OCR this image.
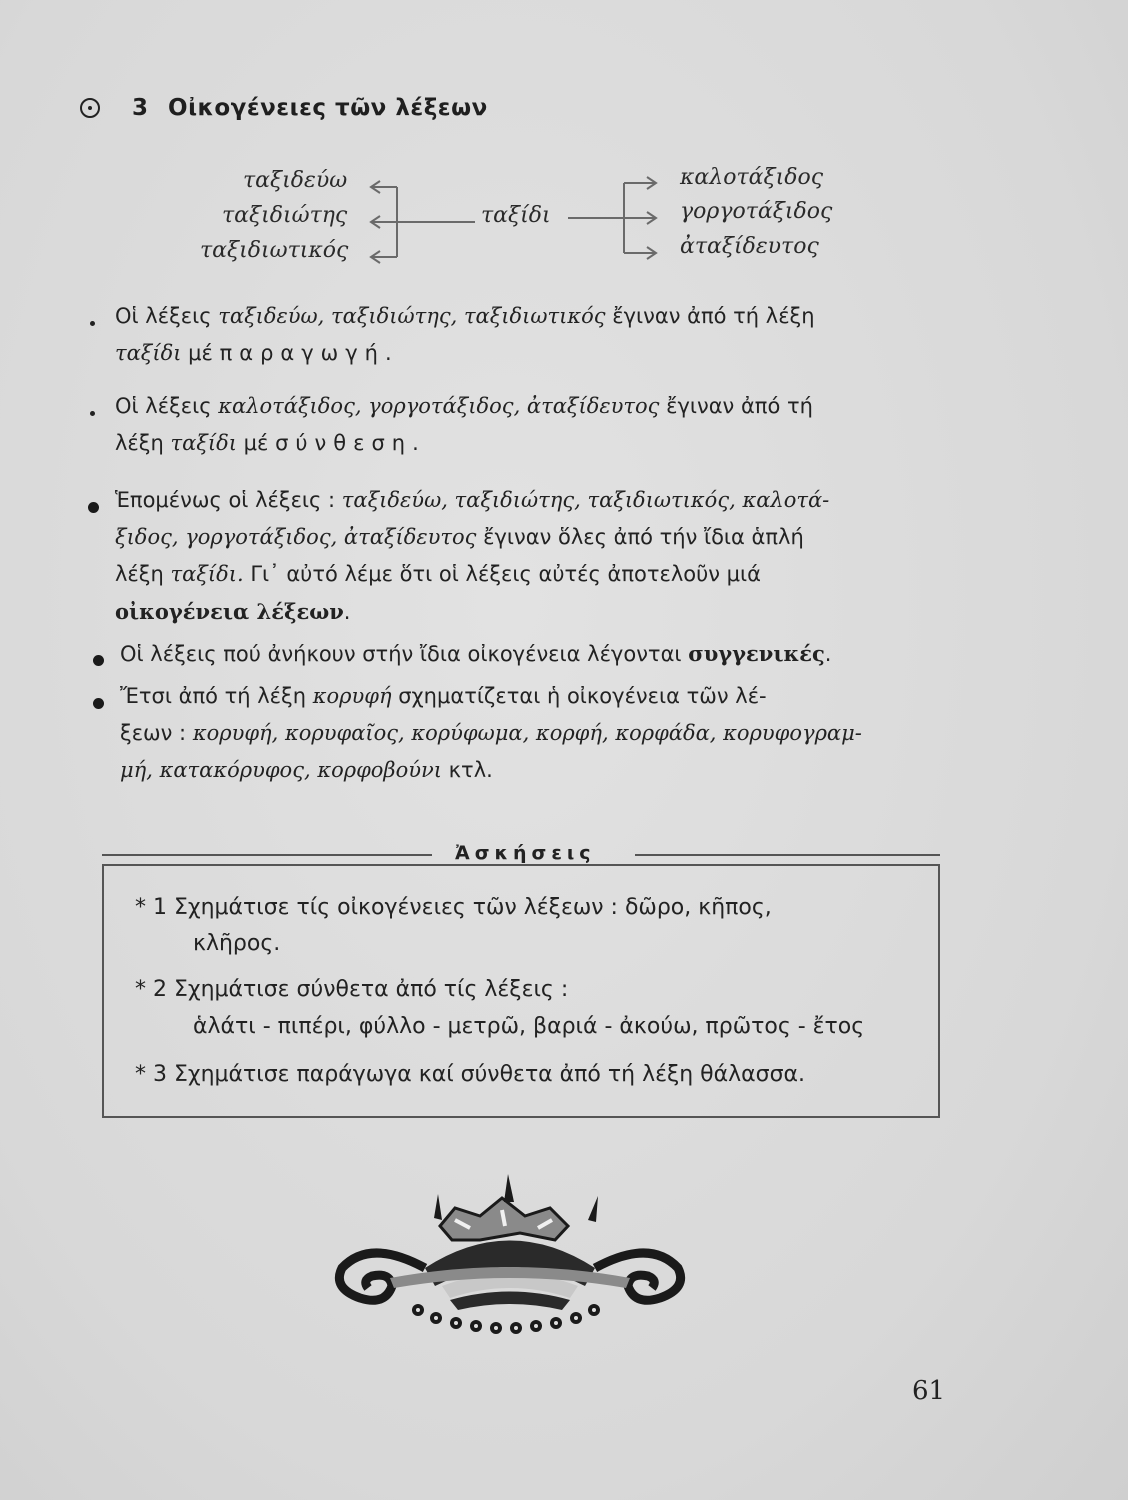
3 Οἰκογένειες τῶν λέξεων
ταξιδεύω
ταξιδιώτης
ταξιδιωτικός
ταξίδι
καλοτάξιδος
γοργοτάξιδος
ἀταξίδευτος
Οἱ λέξεις ταξιδεύω, ταξιδιώτης, ταξιδιωτικός ἔγιναν ἀπό τή λέξη
ταξίδι μέ παραγωγή.
Οἱ λέξεις καλοτάξιδος, γοργοτάξιδος, ἀταξίδευτος ἔγιναν ἀπό τή
λέξη ταξίδι μέ σύνθεση.
Ἑπομένως οἱ λέξεις : ταξιδεύω, ταξιδιώτης, ταξιδιωτικός, καλοτά-
ξιδος, γοργοτάξιδος, ἀταξίδευτος ἔγιναν ὅλες ἀπό τήν ἴδια ἁπλή
λέξη ταξίδι. Γι᾿ αὐτό λέμε ὅτι οἱ λέξεις αὐτές ἀποτελοῦν μιά
οἰκογένεια λέξεων.
Οἱ λέξεις πού ἀνήκουν στήν ἴδια οἰκογένεια λέγονται συγγενικές.
Ἔτσι ἀπό τή λέξη κορυφή σχηματίζεται ἡ οἰκογένεια τῶν λέ-
ξεων : κορυφή, κορυφαῖος, κορύφωμα, κορφή, κορφάδα, κορυφογραμ-
μή, κατακόρυφος, κορφοβούνι κτλ.
Ἀσκήσεις
* 1 Σχημάτισε τίς οἰκογένειες τῶν λέξεων : δῶρο, κῆπος,
κλῆρος.
* 2 Σχημάτισε σύνθετα ἀπό τίς λέξεις :
ἁλάτι - πιπέρι, φύλλο - μετρῶ, βαριά - ἀκούω, πρῶτος - ἔτος
* 3 Σχημάτισε παράγωγα καί σύνθετα ἀπό τή λέξη θάλασσα.
61
